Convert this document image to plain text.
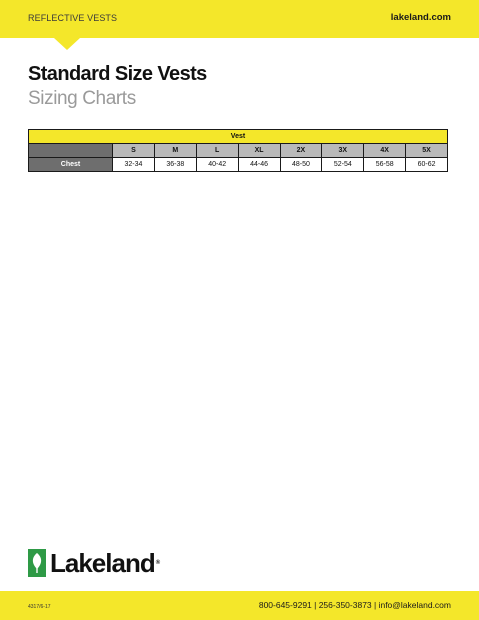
REFLECTIVE VESTS	lakeland.com
Standard Size Vests
Sizing Charts
Vest								
	S	M	L	XL	2X	3X	4X	5X
Chest	32-34	36-38	40-42	44-46	48-50	52-54	56-58	60-62
Lakeland®
4317/6-17	800-645-9291 | 256-350-3873 | info@lakeland.com
